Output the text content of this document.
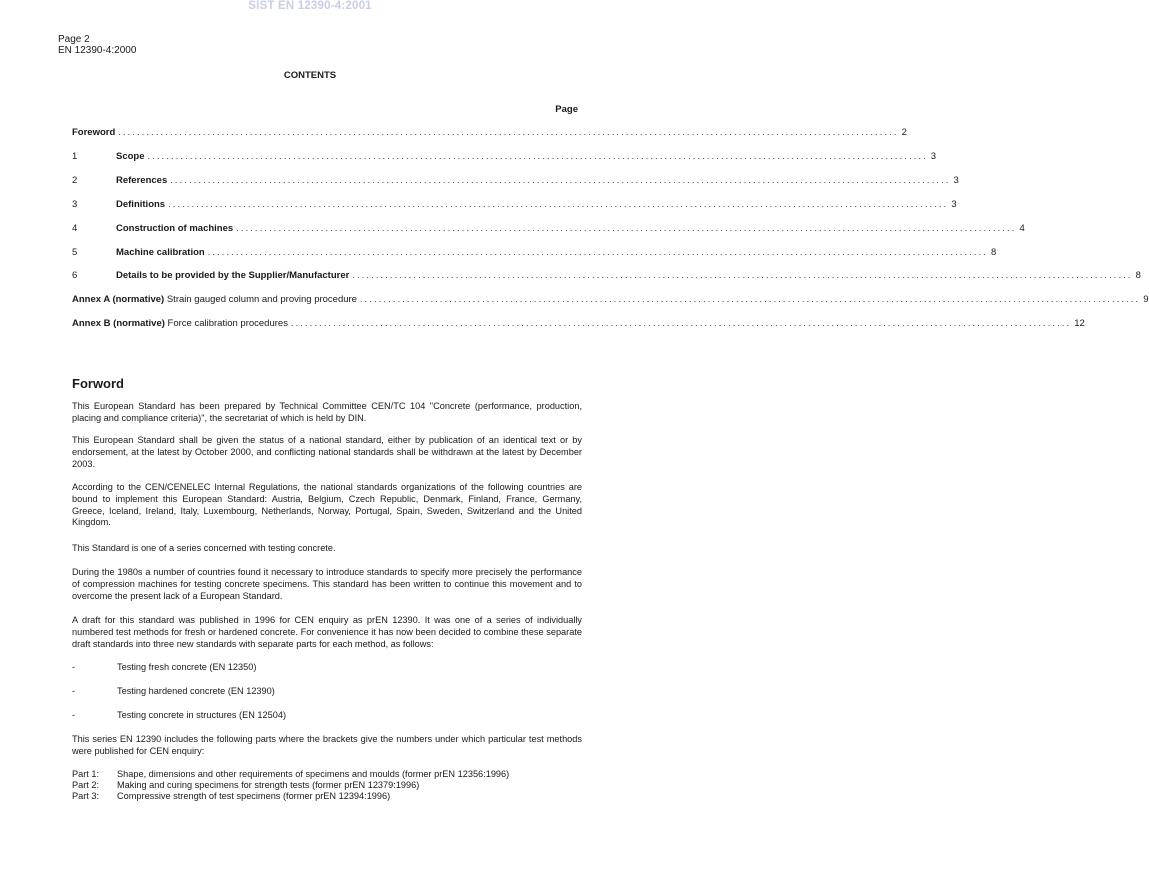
SIST EN 12390-4:2001
Page 2
EN 12390-4:2000
CONTENTS
Page
Foreword ...................................................................................................................................................................... 2
1	Scope ...................................................................................................................................................................... 3
2	References ...................................................................................................................................................................... 3
3	Definitions ...................................................................................................................................................................... 3
4	Construction of machines ...................................................................................................................................................................... 4
5	Machine calibration ...................................................................................................................................................................... 8
6	Details to be provided by the Supplier/Manufacturer ...................................................................................................................................................................... 8
Annex A (normative) Strain gauged column and proving procedure ...................................................................................................................................................................... 9
Annex B (normative) Force calibration procedures ...................................................................................................................................................................... 12
Forword

This European Standard has been prepared by Technical Committee CEN/TC 104 "Concrete (performance, production, placing and compliance criteria)", the secretariat of which is held by DIN.

This European Standard shall be given the status of a national standard, either by publication of an identical text or by endorsement, at the latest by October 2000, and conflicting national standards shall be withdrawn at the latest by December 2003.

According to the CEN/CENELEC Internal Regulations, the national standards organizations of the following countries are bound to implement this European Standard: Austria, Belgium, Czech Republic, Denmark, Finland, France, Germany, Greece, Iceland, Ireland, Italy, Luxembourg, Netherlands, Norway, Portugal, Spain, Sweden, Switzerland and the United Kingdom.

This Standard is one of a series concerned with testing concrete.

During the 1980s a number of countries found it necessary to introduce standards to specify more precisely the performance of compression machines for testing concrete specimens. This standard has been written to continue this movement and to overcome the present lack of a European Standard.

A draft for this standard was published in 1996 for CEN enquiry as prEN 12390. It was one of a series of individually numbered test methods for fresh or hardened concrete. For convenience it has now been decided to combine these separate draft standards into three new standards with separate parts for each method, as follows:

-	Testing fresh concrete (EN 12350)
-	Testing hardened concrete (EN 12390)
-	Testing concrete in structures (EN 12504)

This series EN 12390 includes the following parts where the brackets give the numbers under which particular test methods were published for CEN enquiry:

Part 1:	Shape, dimensions and other requirements of specimens and moulds (former prEN 12356:1996)
Part 2:	Making and curing specimens for strength tests (former prEN 12379:1996)
Part 3:	Compressive strength of test specimens (former prEN 12394:1996)
